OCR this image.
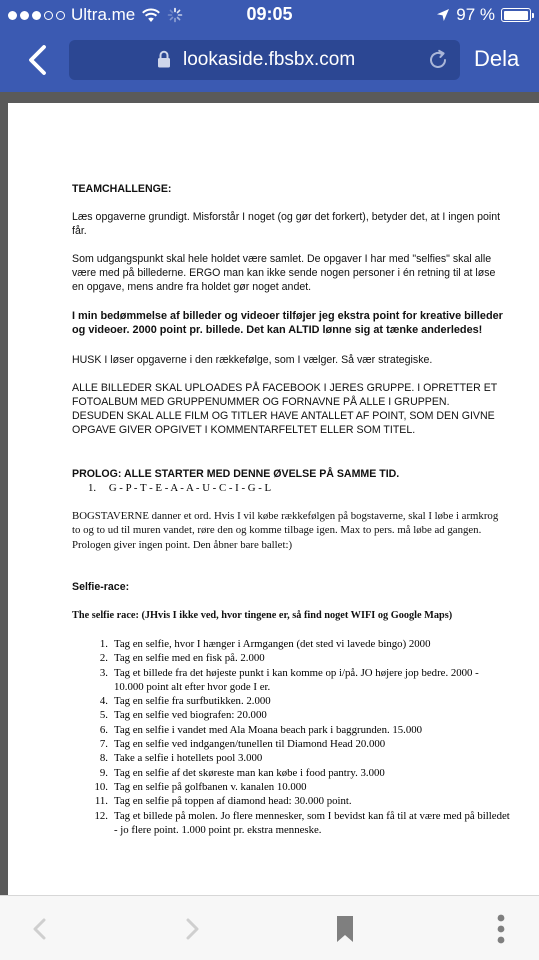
Ultra.me	09:05	97 %
lookaside.fbsbx.com	Dela
TEAMCHALLENGE:
Læs opgaverne grundigt. Misforstår I noget (og gør det forkert), betyder det, at I ingen point får.
Som udgangspunkt skal hele holdet være samlet. De opgaver I har med "selfies" skal alle være med på billederne. ERGO man kan ikke sende nogen personer i én retning til at løse en opgave, mens andre fra holdet gør noget andet.
I min bedømmelse af billeder og videoer tilføjer jeg ekstra point for kreative billeder og videoer. 2000 point pr. billede. Det kan ALTID lønne sig at tænke anderledes!
HUSK I løser opgaverne i den rækkefølge, som I vælger. Så vær strategiske.
ALLE BILLEDER SKAL UPLOADES PÅ FACEBOOK I JERES GRUPPE. I OPRETTER ET FOTOALBUM MED GRUPPENUMMER OG FORNAVNE PÅ ALLE I GRUPPEN. DESUDEN SKAL ALLE FILM OG TITLER HAVE ANTALLET AF POINT, SOM DEN GIVNE OPGAVE GIVER OPGIVET I KOMMENTARFELTET ELLER SOM TITEL.
PROLOG: ALLE STARTER MED DENNE ØVELSE PÅ SAMME TID.
1. G - P - T - E - A - A - U - C - I - G - L
BOGSTAVERNE danner et ord. Hvis I vil købe rækkefølgen på bogstaverne, skal I løbe i armkrog to og to ud til muren vandet, røre den og komme tilbage igen. Max to pers. må løbe ad gangen. Prologen giver ingen point. Den åbner bare ballet:)
Selfie-race:
The selfie race: (JHvis I ikke ved, hvor tingene er, så find noget WIFI og Google Maps)
1. Tag en selfie, hvor I hænger i Armgangen (det sted vi lavede bingo) 2000
2. Tag en selfie med en fisk på. 2.000
3. Tag et billede fra det højeste punkt i kan komme op i/på. JO højere jop bedre. 2000 - 10.000 point alt efter hvor gode I er.
4. Tag en selfie fra surfbutikken. 2.000
5. Tag en selfie ved biografen: 20.000
6. Tag en selfie i vandet med Ala Moana beach park i baggrunden. 15.000
7. Tag en selfie ved indgangen/tunellen til Diamond Head 20.000
8. Take a selfie i hotellets pool 3.000
9. Tag en selfie af det skøreste man kan købe i food pantry. 3.000
10. Tag en selfie på golfbanen v. kanalen 10.000
11. Tag en selfie på toppen af diamond head: 30.000 point.
12. Tag et billede på molen. Jo flere mennesker, som I bevidst kan få til at være med på billedet - jo flere point. 1.000 point pr. ekstra menneske.
